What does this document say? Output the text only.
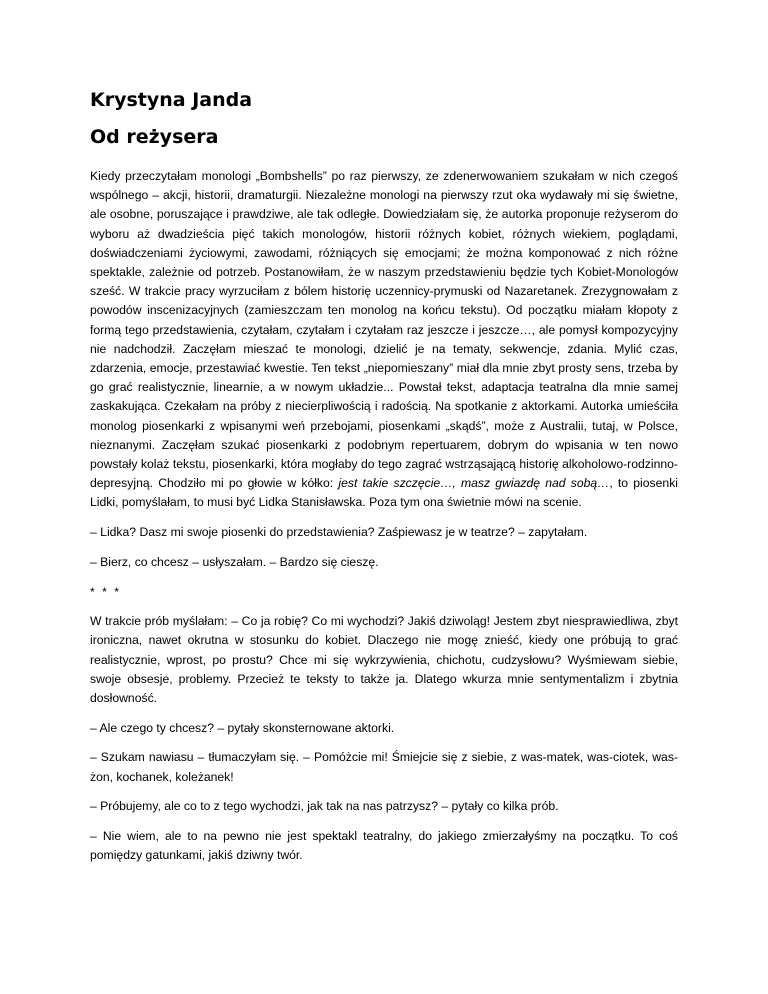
Krystyna Janda
Od reżysera

Kiedy przeczytałam monologi „Bombshells” po raz pierwszy, ze zdenerwowaniem szukałam w nich czegoś wspólnego – akcji, historii, dramaturgii. Niezależne monologi na pierwszy rzut oka wydawały mi się świetne, ale osobne, poruszające i prawdziwe, ale tak odległe. Dowiedziałam się, że autorka proponuje reżyserom do wyboru aż dwadzieścia pięć takich monologów, historii różnych kobiet, różnych wiekiem, poglądami, doświadczeniami życiowymi, zawodami, różniących się emocjami; że można komponować z nich różne spektakle, zależnie od potrzeb. Postanowiłam, że w naszym przedstawieniu będzie tych Kobiet-Monologów sześć. W trakcie pracy wyrzuciłam z bólem historię uczennicy-prymuski od Nazaretanek. Zrezygnowałam z powodów inscenizacyjnych (zamieszczam ten monolog na końcu tekstu). Od początku miałam kłopoty z formą tego przedstawienia, czytałam, czytałam i czytałam raz jeszcze i jeszcze…, ale pomysł kompozycyjny nie nadchodził. Zaczęłam mieszać te monologi, dzielić je na tematy, sekwencje, zdania. Mylić czas, zdarzenia, emocje, przestawiać kwestie. Ten tekst „niepomieszany” miał dla mnie zbyt prosty sens, trzeba by go grać realistycznie, linearnie, a w nowym układzie... Powstał tekst, adaptacja teatralna dla mnie samej zaskakująca. Czekałam na próby z niecierpliwością i radością. Na spotkanie z aktorkami. Autorka umieściła monolog piosenkarki z wpisanymi weń przebojami, piosenkami „skądś”, może z Australii, tutaj, w Polsce, nieznanymi. Zaczęłam szukać piosenkarki z podobnym repertuarem, dobrym do wpisania w ten nowo powstały kolaż tekstu, piosenkarki, która mogłaby do tego zagrać wstrząsającą historię alkoholowo-rodzinno-depresyjną. Chodziło mi po głowie w kółko: jest takie szczęcie…, masz gwiazdę nad sobą…, to piosenki Lidki, pomyślałam, to musi być Lidka Stanisławska. Poza tym ona świetnie mówi na scenie.

– Lidka? Dasz mi swoje piosenki do przedstawienia? Zaśpiewasz je w teatrze? – zapytałam.

– Bierz, co chcesz – usłyszałam. – Bardzo się cieszę.

* * *

W trakcie prób myślałam: – Co ja robię? Co mi wychodzi? Jakiś dziwoląg! Jestem zbyt niesprawiedliwa, zbyt ironiczna, nawet okrutna w stosunku do kobiet. Dlaczego nie mogę znieść, kiedy one próbują to grać realistycznie, wprost, po prostu? Chce mi się wykrzywienia, chichotu, cudzysłowu? Wyśmiewam siebie, swoje obsesje, problemy. Przecież te teksty to także ja. Dlatego wkurza mnie sentymentalizm i zbytnia dosłowność.

– Ale czego ty chcesz? – pytały skonsternowane aktorki.

– Szukam nawiasu – tłumaczyłam się. – Pomóżcie mi! Śmiejcie się z siebie, z was-matek, was-ciotek, was-żon, kochanek, koleżanek!

– Próbujemy, ale co to z tego wychodzi, jak tak na nas patrzysz? – pytały co kilka prób.

– Nie wiem, ale to na pewno nie jest spektakl teatralny, do jakiego zmierzałyśmy na początku. To coś pomiędzy gatunkami, jakiś dziwny twór.
